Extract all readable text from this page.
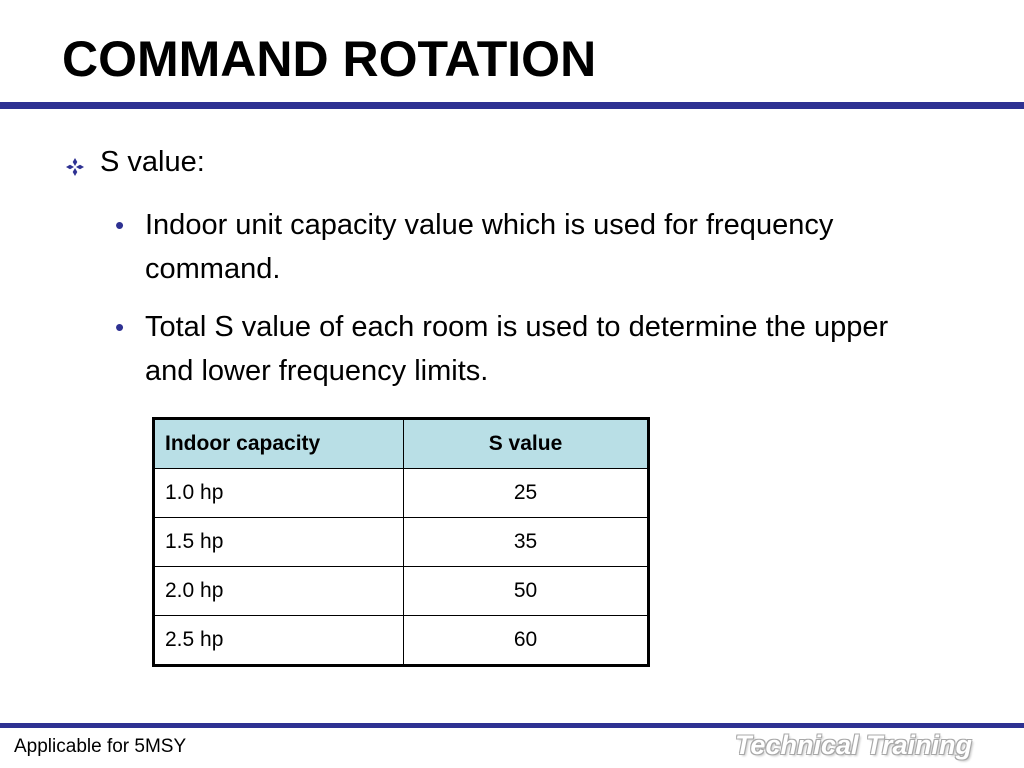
COMMAND ROTATION
S value:
• Indoor unit capacity value which is used for frequency command.
• Total S value of each room is used to determine the upper and lower frequency limits.
Indoor capacity	S value
1.0 hp	25
1.5 hp	35
2.0 hp	50
2.5 hp	60
Applicable for 5MSY	Technical Training
